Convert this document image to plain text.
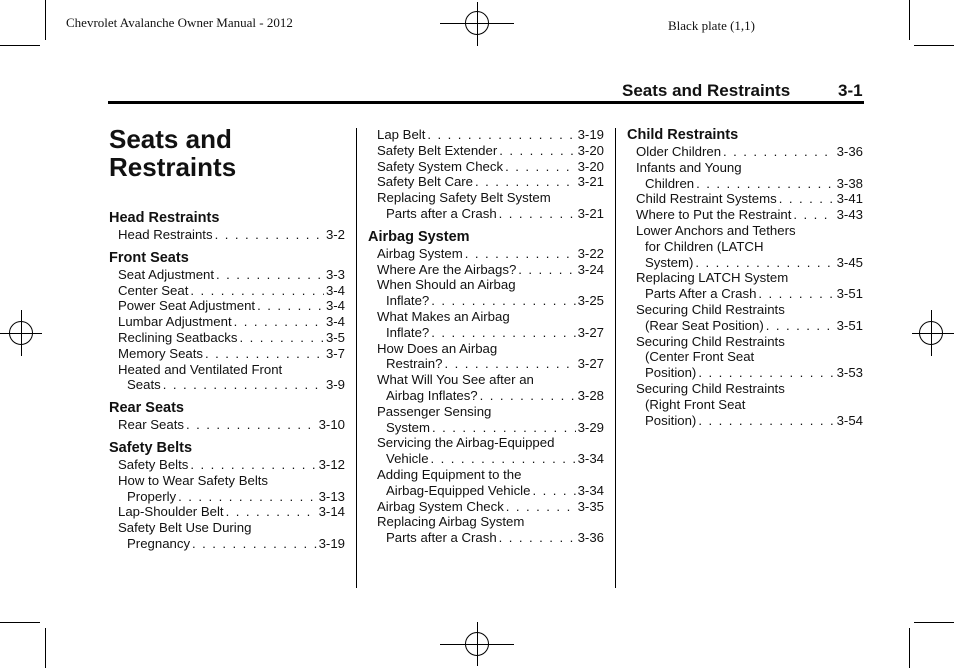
Chevrolet Avalanche Owner Manual - 2012	Black plate (1,1)
Seats and Restraints	3-1
Seats and
Restraints
Head Restraints
Head Restraints . . .	3-2
Front Seats
Seat Adjustment . . .	3-3
Center Seat . . .	3-4
Power Seat Adjustment . . .	3-4
Lumbar Adjustment . . .	3-4
Reclining Seatbacks . . .	3-5
Memory Seats . . .	3-7
Heated and Ventilated Front
Seats . . .	3-9
Rear Seats
Rear Seats . . .	3-10
Safety Belts
Safety Belts . . .	3-12
How to Wear Safety Belts
Properly . . .	3-13
Lap-Shoulder Belt . . .	3-14
Safety Belt Use During
Pregnancy . . .	3-19
Lap Belt . . .	3-19
Safety Belt Extender . . .	3-20
Safety System Check . . .	3-20
Safety Belt Care . . .	3-21
Replacing Safety Belt System
Parts after a Crash . . .	3-21
Airbag System
Airbag System . . .	3-22
Where Are the Airbags? . . .	3-24
When Should an Airbag
Inflate? . . .	3-25
What Makes an Airbag
Inflate? . . .	3-27
How Does an Airbag
Restrain? . . .	3-27
What Will You See after an
Airbag Inflates? . . .	3-28
Passenger Sensing
System . . .	3-29
Servicing the Airbag-Equipped
Vehicle . . .	3-34
Adding Equipment to the
Airbag-Equipped Vehicle . . .	3-34
Airbag System Check . . .	3-35
Replacing Airbag System
Parts after a Crash . . .	3-36
Child Restraints
Older Children . . .	3-36
Infants and Young
Children . . .	3-38
Child Restraint Systems . . .	3-41
Where to Put the Restraint . . .	3-43
Lower Anchors and Tethers
for Children (LATCH
System) . . .	3-45
Replacing LATCH System
Parts After a Crash . . .	3-51
Securing Child Restraints
(Rear Seat Position) . . .	3-51
Securing Child Restraints
(Center Front Seat
Position) . . .	3-53
Securing Child Restraints
(Right Front Seat
Position) . . .	3-54
